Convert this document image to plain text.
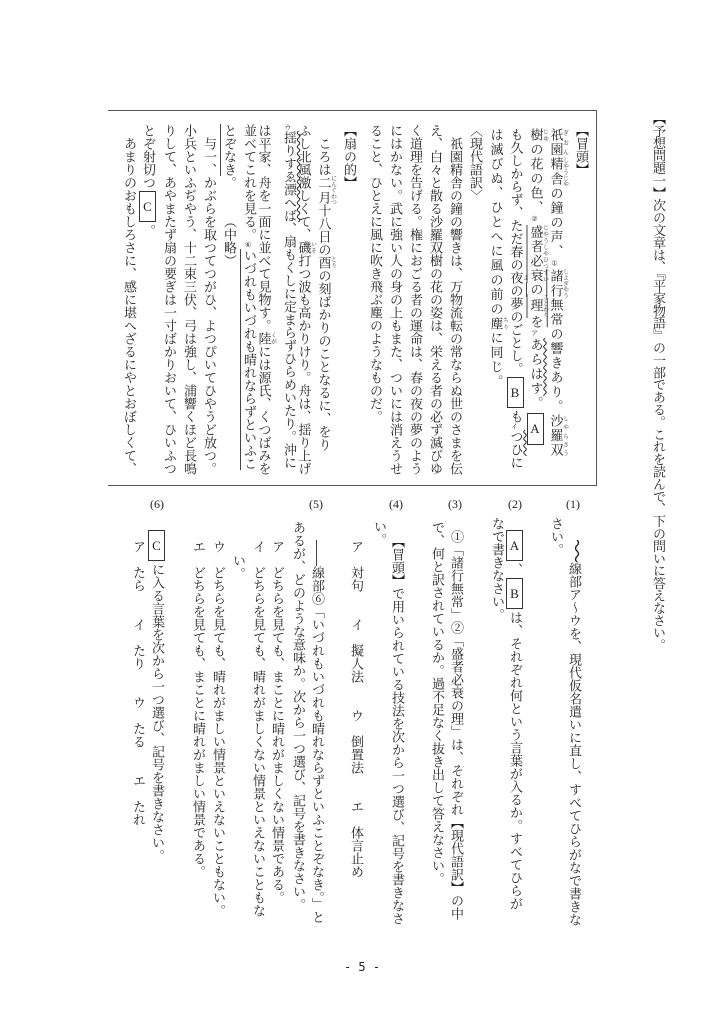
【予想問題一】次の文章は、『平家物語』の一部である。これを読んで、下の問いに答えなさい。
【冒頭】
祇園 ぎおん精舎 しやうじやの鐘の声、①諸行 しよぎやう無常の響きあり。沙羅双 しやらさう
樹 じゆの花の色、②盛者必衰 じやうしやひつすいの理 ことわりをアあらはす。A
も久しからず、ただ春の夜 よの夢のごとし。Bもイつひに
は滅びぬ、ひとへに風の前の塵 ちりに同じ。
〈現代語訳〉
　祇園精舎の鐘の響きは、万物流転の常ならぬ世のさまを伝
え、白々と散る沙羅双樹の花の姿は、栄える者の必ず滅びゆ
く道理を告げる。権におごる者の運命は、春の夜の夢のよう
にはかない。武に強い人の身の上もまた、ついには消えうせ
ること、ひとえに風に吹き飛ぶ塵のようなものだ。
【扇の的】
　ころは二月 にんぐわつ十八日の酉 とりの刻ばかりのことなるに、をり
ふし北風激しくて、磯 いそ打つ波も高かりけり。舟は、揺り上げ
ウ揺りすゑ漂へば、扇もくしに定まらずひらめいたり。沖に
は平家、舟を一面に並べて見物す。陸 くがには源氏、くつばみを
並べてこれを見る。⑥いづれもいづれも晴れならずといふこ
とぞなき。　　　（中略）
　与一、かぶらを取つてつがひ、よつぴいてひやうど放つ。
小兵といふぢやう、十二束三伏、弓は強し、浦響くほど長鳴
りして、あやまたず扇の要ぎは一寸ばかりおいて、ひいふつ
とぞ射切つC。
　あまりのおもしろさに、感に堪へざるにやとおぼしくて、
線部ア〜ウを、現代仮名遣いに直し、すべてひらがなで書きな
さい。
A、Bは、それぞれ何という言葉が入るか。すべてひらが
なで書きなさい。
①「諸行無常」②「盛者必衰の理」は、それぞれ【現代語訳】の中
で、何と訳されているか。過不足なく抜き出して答えなさい。
【冒頭】で用いられている技法を次から一つ選び、記号を書きなさ
い。
ア　対句　　イ　擬人法　　ウ　倒置法　　エ　体言止め
――線部⑥「いづれもいづれも晴れならずといふことぞなき。」と
あるが、どのような意味か。次から一つ選び、記号を書きなさい。
ア　どちらを見ても、まことに晴れがましくない情景である。
イ　どちらを見ても、晴れがましくない情景といえないこともな
い。
ウ　どちらを見ても、晴れがましい情景といえないこともない。
エ　どちらを見ても、まことに晴れがましい情景である。
Cに入る言葉を次から一つ選び、記号を書きなさい。
ア　たら　　イ　たり　　ウ　たる　　エ　たれ
(1)
(2)
(3)
(4)
(5)
(6)
- 5 -
